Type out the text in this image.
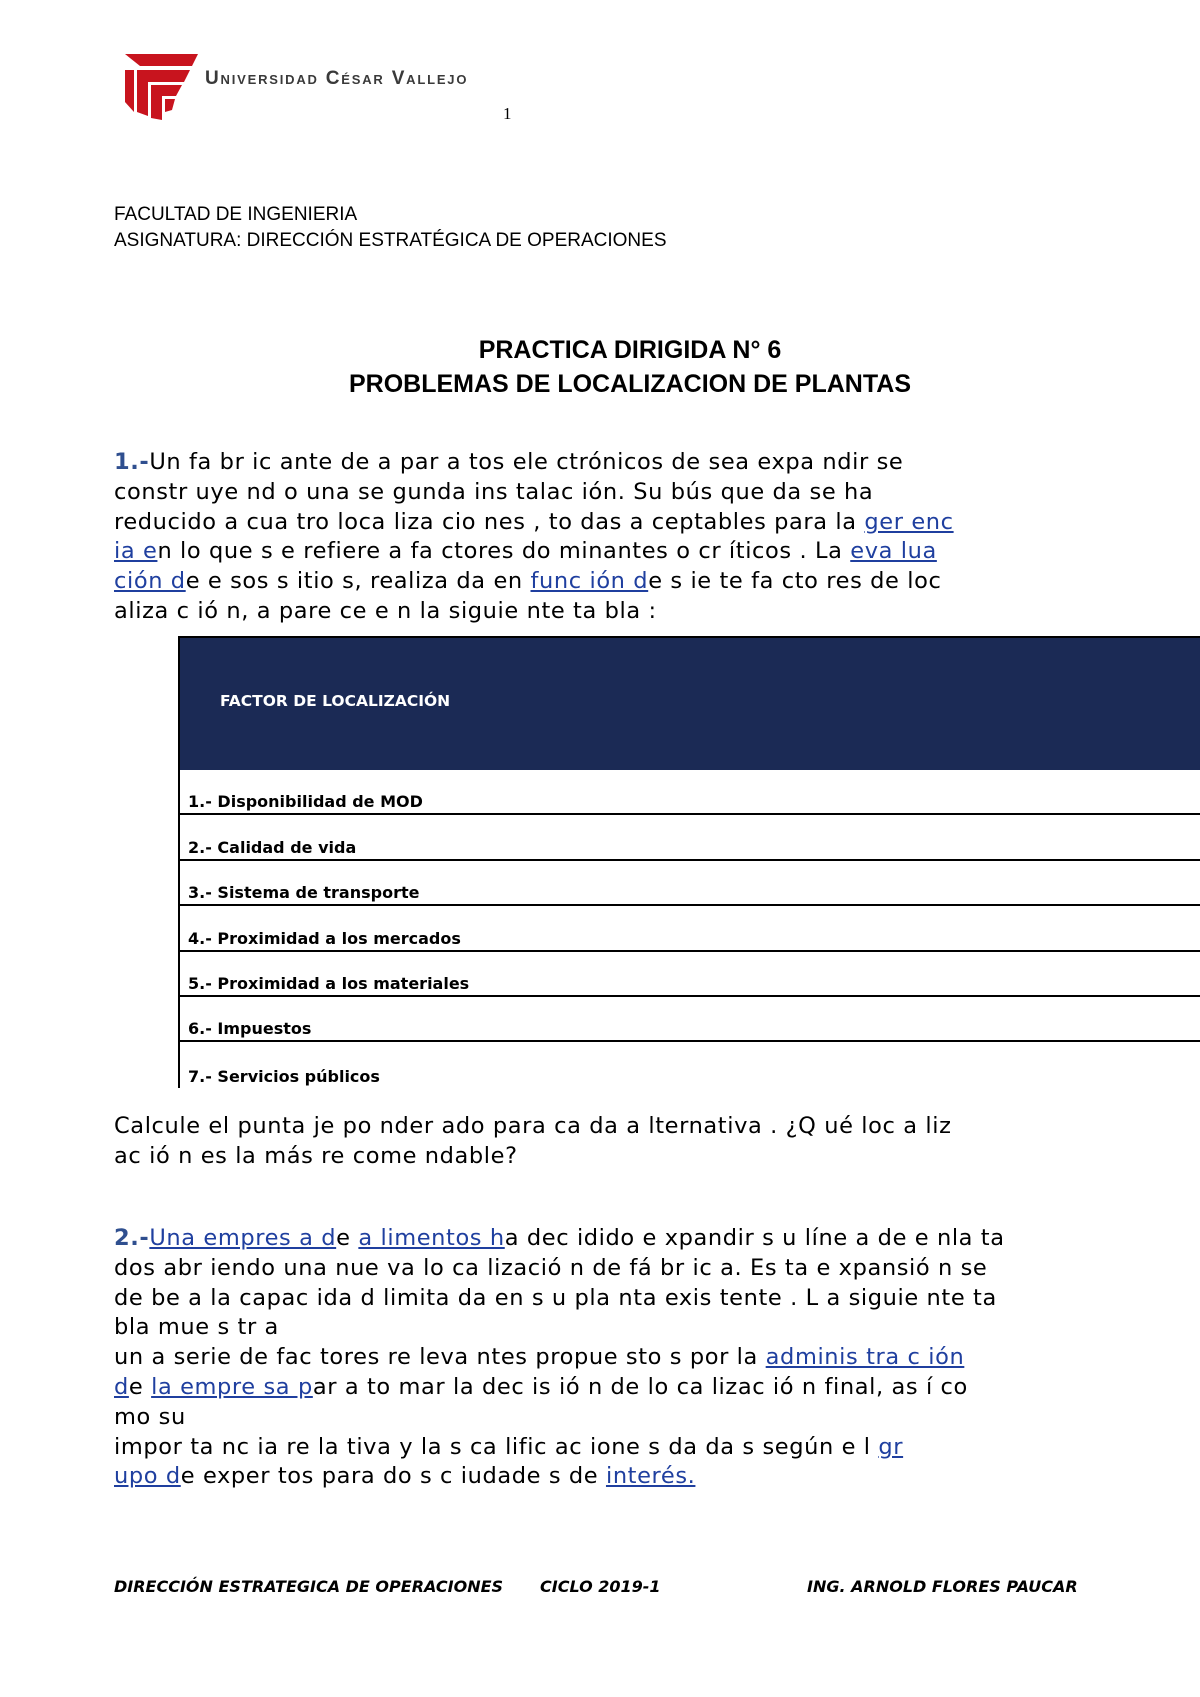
Universidad César Vallejo
1
FACULTAD DE INGENIERIA
ASIGNATURA: DIRECCIÓN ESTRATÉGICA DE OPERACIONES
PRACTICA DIRIGIDA N° 6
PROBLEMAS DE LOCALIZACION DE PLANTAS

1.-Un fa br ic ante de a par a tos ele ctrónicos de sea expa ndir se

constr uye nd o una se gunda ins talac ión. Su bús que da se ha

reducido a cua tro loca liza cio nes , to das a ceptables para la ger enc

ia en lo que s e refiere a fa ctores do minantes o cr íticos . La eva lua

ción de e sos s itio s, realiza da en func ión de s ie te fa cto res de loc

aliza c ió n, a pare ce e n la siguie nte ta bla :

FACTOR DE LOCALIZACIÓN
1.- Disponibilidad de MOD
2.- Calidad de vida
3.- Sistema de transporte
4.- Proximidad a los mercados
5.- Proximidad a los materiales
6.- Impuestos
7.- Servicios públicos

Calcule el punta je po nder ado para ca da a lternativa . ¿Q ué loc a liz

ac ió n es la más re come ndable?

2.-Una empres a de a limentos ha dec idido e xpandir s u líne a de e nla ta

dos abr iendo una nue va lo ca lizació n de fá br ic a. Es ta e xpansió n se

de be a la capac ida d limita da en s u pla nta exis tente . L a siguie nte ta

bla mue s tr a

un a serie de fac tores re leva ntes propue sto s por la adminis tra c ión

de la empre sa par a to mar la dec is ió n de lo ca lizac ió n final, as í co

mo su

impor ta nc ia re la tiva y la s ca lific ac ione s da da s según e l gr

upo de exper tos para do s c iudade s de interés.

DIRECCIÓN ESTRATEGICA DE OPERACIONES CICLO 2019-1	ING. ARNOLD FLORES PAUCAR
